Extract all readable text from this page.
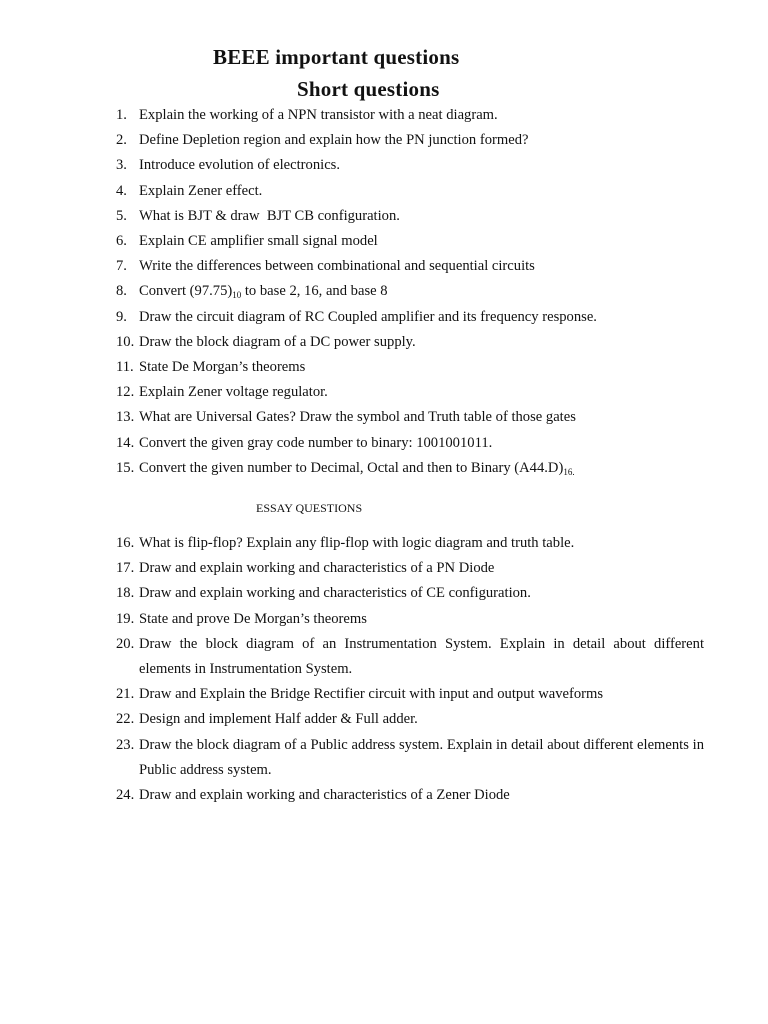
BEEE important questions
Short questions
1. Explain the working of a NPN transistor with a neat diagram.
2. Define Depletion region and explain how the PN junction formed?
3. Introduce evolution of electronics.
4. Explain Zener effect.
5. What is BJT & draw  BJT CB configuration.
6. Explain CE amplifier small signal model
7. Write the differences between combinational and sequential circuits
8. Convert $(97.75)_{10}$ to base 2, 16, and base 8
9. Draw the circuit diagram of RC Coupled amplifier and its frequency response.
10. Draw the block diagram of a DC power supply.
11. State De Morgan’s theorems
12. Explain Zener voltage regulator.
13. What are Universal Gates? Draw the symbol and Truth table of those gates
14. Convert the given gray code number to binary: 1001001011.
15. Convert the given number to Decimal, Octal and then to Binary $(A44.D)_{16.}$
ESSAY QUESTIONS
16. What is flip-flop? Explain any flip-flop with logic diagram and truth table.
17. Draw and explain working and characteristics of a PN Diode
18. Draw and explain working and characteristics of CE configuration.
19. State and prove De Morgan’s theorems
20. Draw the block diagram of an Instrumentation System. Explain in detail about different elements in Instrumentation System.
21. Draw and Explain the Bridge Rectifier circuit with input and output waveforms
22. Design and implement Half adder & Full adder.
23. Draw the block diagram of a Public address system. Explain in detail about different elements in Public address system.
24. Draw and explain working and characteristics of a Zener Diode
